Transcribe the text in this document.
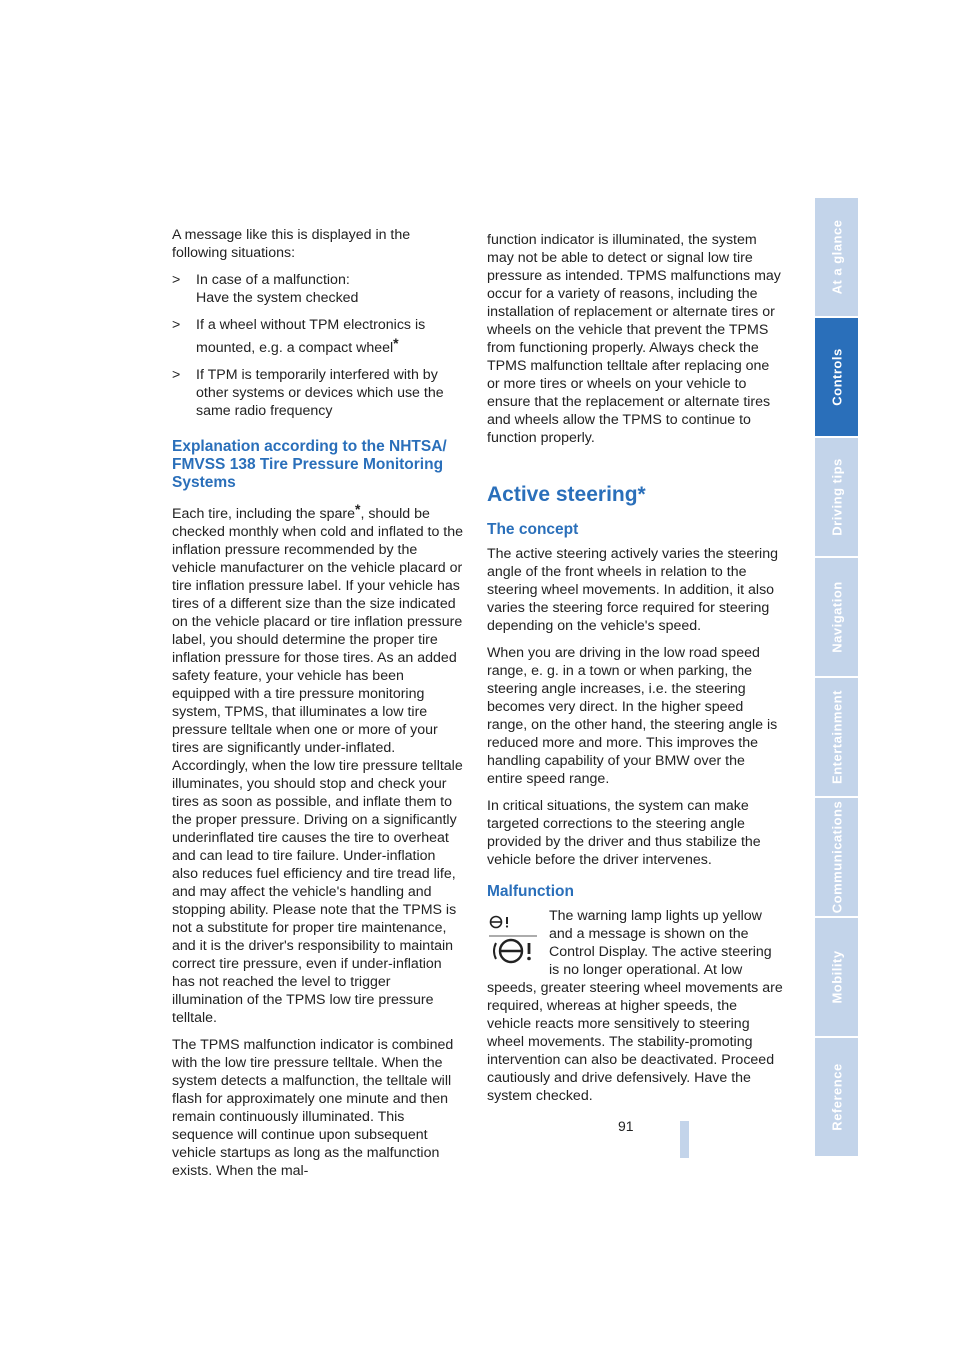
A message like this is displayed in the following situations:

> In case of a malfunction:
Have the system checked
> If a wheel without TPM electronics is mounted, e.g. a compact wheel*
> If TPM is temporarily interfered with by other systems or devices which use the same radio frequency
Explanation according to the NHTSA/ FMVSS 138 Tire Pressure Monitoring Systems

Each tire, including the spare*, should be checked monthly when cold and inflated to the inflation pressure recommended by the vehicle manufacturer on the vehicle placard or tire inflation pressure label. If your vehicle has tires of a different size than the size indicated on the vehicle placard or tire inflation pressure label, you should determine the proper tire inflation pressure for those tires. As an added safety feature, your vehicle has been equipped with a tire pressure monitoring system, TPMS, that illuminates a low tire pressure telltale when one or more of your tires are significantly under-inflated. Accordingly, when the low tire pressure telltale illuminates, you should stop and check your tires as soon as possible, and inflate them to the proper pressure. Driving on a significantly underinflated tire causes the tire to overheat and can lead to tire failure. Under-inflation also reduces fuel efficiency and tire tread life, and may affect the vehicle's handling and stopping ability. Please note that the TPMS is not a substitute for proper tire maintenance, and it is the driver's responsibility to maintain correct tire pressure, even if under-inflation has not reached the level to trigger illumination of the TPMS low tire pressure telltale.

The TPMS malfunction indicator is combined with the low tire pressure telltale. When the system detects a malfunction, the telltale will flash for approximately one minute and then remain continuously illuminated. This sequence will continue upon subsequent vehicle startups as long as the malfunction exists. When the mal-

function indicator is illuminated, the system may not be able to detect or signal low tire pressure as intended. TPMS malfunctions may occur for a variety of reasons, including the installation of replacement or alternate tires or wheels on the vehicle that prevent the TPMS from functioning properly. Always check the TPMS malfunction telltale after replacing one or more tires or wheels on your vehicle to ensure that the replacement or alternate tires and wheels allow the TPMS to continue to function properly.

Active steering*
The concept

The active steering actively varies the steering angle of the front wheels in relation to the steering wheel movements. In addition, it also varies the steering force required for steering depending on the vehicle's speed.

When you are driving in the low road speed range, e. g. in a town or when parking, the steering angle increases, i.e. the steering becomes very direct. In the higher speed range, on the other hand, the steering angle is reduced more and more. This improves the handling capability of your BMW over the entire speed range.

In critical situations, the system can make targeted corrections to the steering angle provided by the driver and thus stabilize the vehicle before the driver intervenes.

Malfunction

The warning lamp lights up yellow and a message is shown on the Control Display. The active steering is no longer operational. At low speeds, greater steering wheel movements are required, whereas at higher speeds, the vehicle reacts more sensitively to steering wheel movements. The stability-promoting intervention can also be deactivated. Proceed cautiously and drive defensively. Have the system checked.

91
At a glance
Controls
Driving tips
Navigation
Entertainment
Communications
Mobility
Reference
